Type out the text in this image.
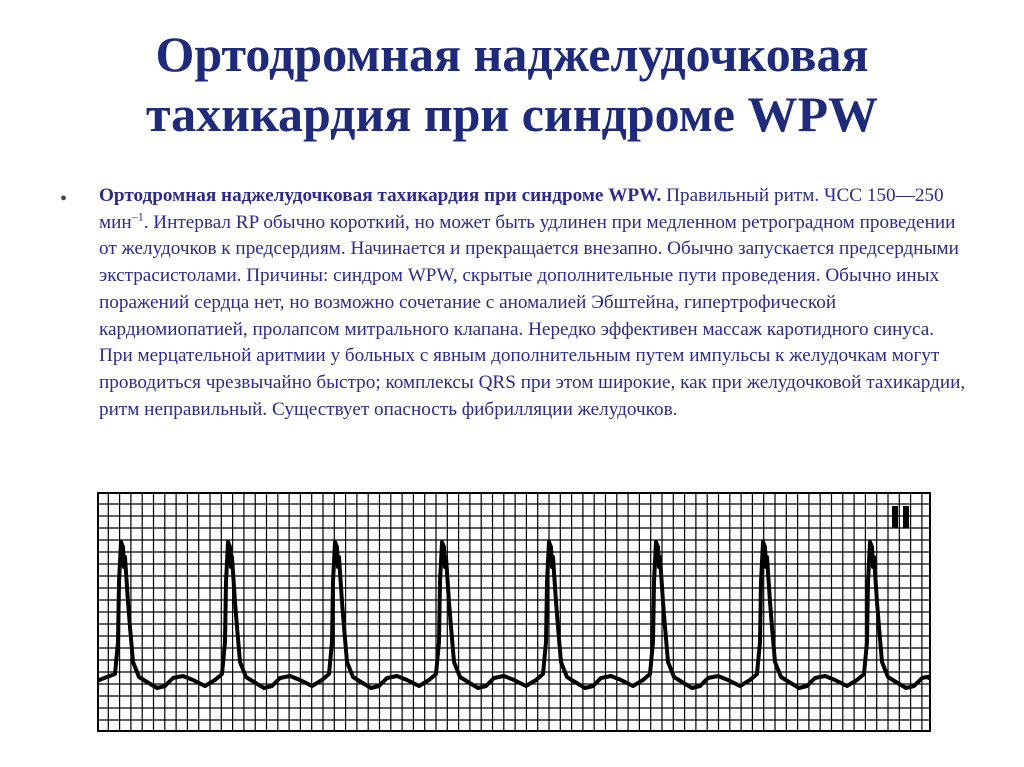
Ортодромная наджелудочковая
тахикардия при синдроме WPW
• Ортодромная наджелудочковая тахикардия при синдроме WPW. Правильный ритм. ЧСС 150—250 мин$^{-1}$. Интервал RP обычно короткий, но может быть удлинен при медленном ретроградном проведении от желудочков к предсердиям. Начинается и прекращается внезапно. Обычно запускается предсердными экстрасистолами. Причины: синдром WPW, скрытые дополнительные пути проведения. Обычно иных поражений сердца нет, но возможно сочетание с аномалией Эбштейна, гипертрофической кардиомиопатией, пролапсом митрального клапана. Нередко эффективен массаж каротидного синуса. При мерцательной аритмии у больных с явным дополнительным путем импульсы к желудочкам могут проводиться чрезвычайно быстро; комплексы QRS при этом широкие, как при желудочковой тахикардии, ритм неправильный. Существует опасность фибрилляции желудочков.
